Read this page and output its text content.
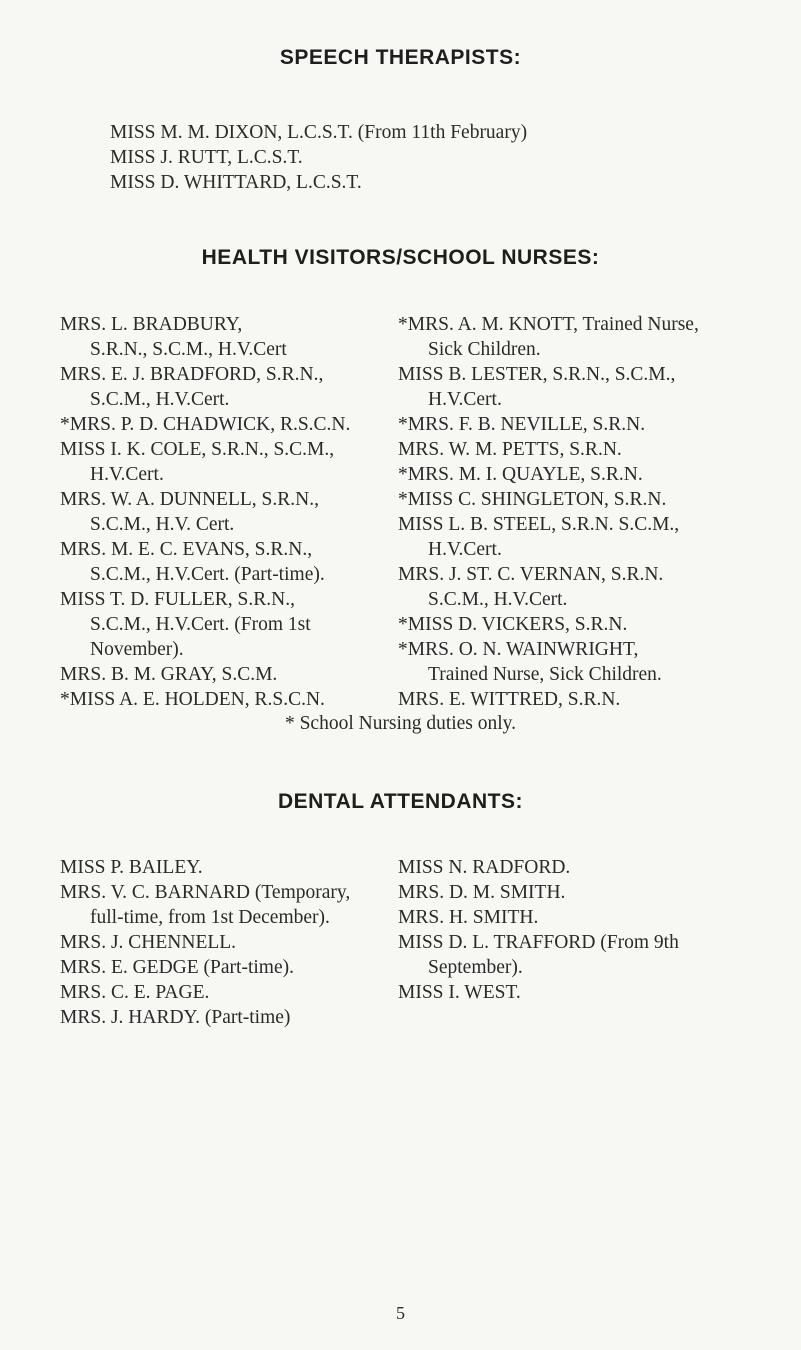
SPEECH THERAPISTS:
MISS M. M. DIXON, L.C.S.T. (From 11th February)
MISS J. RUTT, L.C.S.T.
MISS D. WHITTARD, L.C.S.T.
HEALTH VISITORS/SCHOOL NURSES:
MRS. L. BRADBURY,
S.R.N., S.C.M., H.V.Cert
MRS. E. J. BRADFORD, S.R.N.,
S.C.M., H.V.Cert.
*MRS. P. D. CHADWICK, R.S.C.N.
MISS I. K. COLE, S.R.N., S.C.M.,
H.V.Cert.
MRS. W. A. DUNNELL, S.R.N.,
S.C.M., H.V. Cert.
MRS. M. E. C. EVANS, S.R.N.,
S.C.M., H.V.Cert. (Part-time).
MISS T. D. FULLER, S.R.N.,
S.C.M., H.V.Cert. (From 1st
November).
MRS. B. M. GRAY, S.C.M.
*MISS A. E. HOLDEN, R.S.C.N.
*MRS. A. M. KNOTT, Trained Nurse,
Sick Children.
MISS B. LESTER, S.R.N., S.C.M.,
H.V.Cert.
*MRS. F. B. NEVILLE, S.R.N.
MRS. W. M. PETTS, S.R.N.
*MRS. M. I. QUAYLE, S.R.N.
*MISS C. SHINGLETON, S.R.N.
MISS L. B. STEEL, S.R.N. S.C.M.,
H.V.Cert.
MRS. J. ST. C. VERNAN, S.R.N.
S.C.M., H.V.Cert.
*MISS D. VICKERS, S.R.N.
*MRS. O. N. WAINWRIGHT,
Trained Nurse, Sick Children.
MRS. E. WITTRED, S.R.N.
* School Nursing duties only.
DENTAL ATTENDANTS:
MISS P. BAILEY.
MRS. V. C. BARNARD (Temporary,
full-time, from 1st December).
MRS. J. CHENNELL.
MRS. E. GEDGE (Part-time).
MRS. C. E. PAGE.
MRS. J. HARDY. (Part-time)
MISS N. RADFORD.
MRS. D. M. SMITH.
MRS. H. SMITH.
MISS D. L. TRAFFORD (From 9th
September).
MISS I. WEST.
5
